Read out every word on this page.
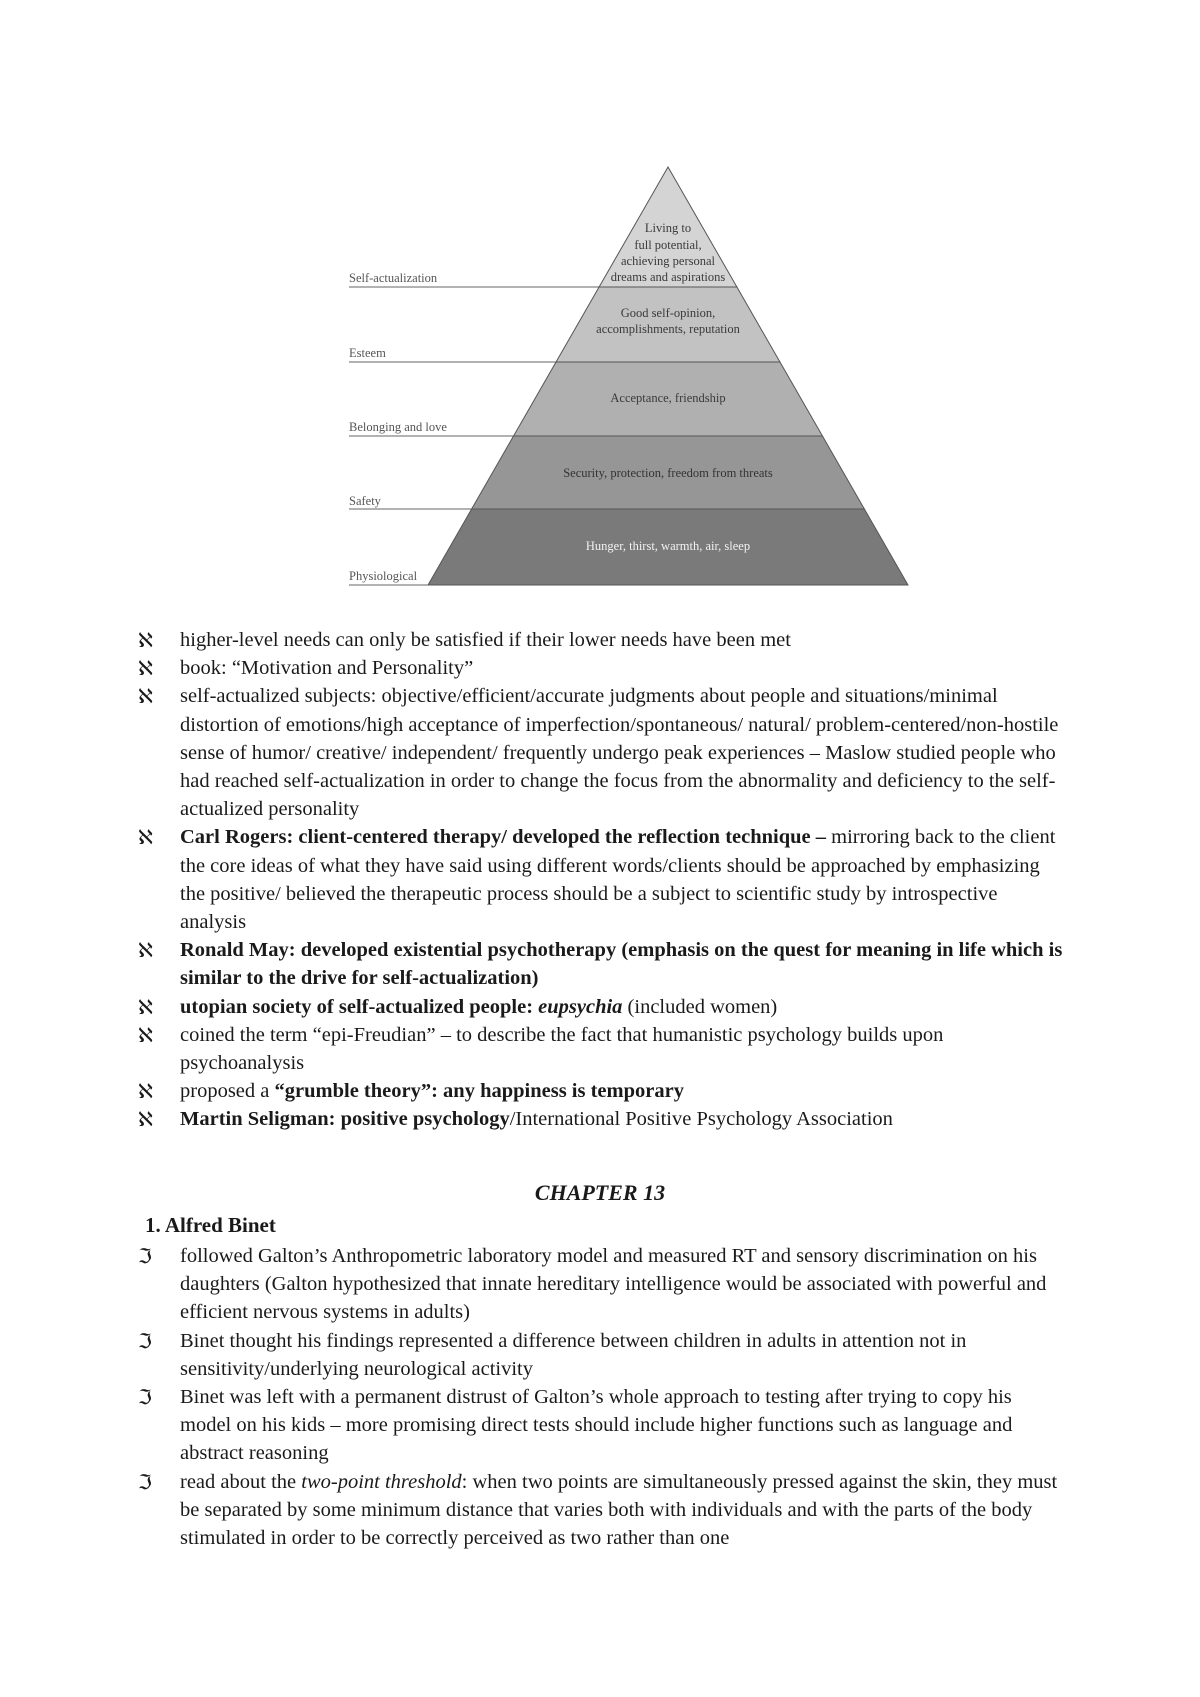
Self-actualization
Living to
full potential,
achieving personal
dreams and aspirations
Esteem
Good self-opinion,
accomplishments, reputation
Belonging and love
Acceptance, friendship
Safety
Security, protection, freedom from threats
Physiological
Hunger, thirst, warmth, air, sleep
ℵ	higher-level needs can only be satisfied if their lower needs have been met
ℵ	book: “Motivation and Personality”
ℵ	self-actualized subjects: objective/efficient/accurate judgments about people and situations/minimal distortion of emotions/high acceptance of imperfection/spontaneous/ natural/ problem-centered/non-hostile sense of humor/ creative/ independent/ frequently undergo peak experiences – Maslow studied people who had reached self-actualization in order to change the focus from the abnormality and deficiency to the self-actualized personality
ℵ	Carl Rogers: client-centered therapy/ developed the reflection technique – mirroring back to the client the core ideas of what they have said using different words/clients should be approached by emphasizing the positive/ believed the therapeutic process should be a subject to scientific study by introspective analysis
ℵ	Ronald May: developed existential psychotherapy (emphasis on the quest for meaning in life which is similar to the drive for self-actualization)
ℵ	utopian society of self-actualized people: eupsychia (included women)
ℵ	coined the term “epi-Freudian” – to describe the fact that humanistic psychology builds upon psychoanalysis
ℵ	proposed a “grumble theory”: any happiness is temporary
ℵ	Martin Seligman: positive psychology/International Positive Psychology Association
CHAPTER 13
1. Alfred Binet
ℑ	followed Galton’s Anthropometric laboratory model and measured RT and sensory discrimination on his daughters (Galton hypothesized that innate hereditary intelligence would be associated with powerful and efficient nervous systems in adults)
ℑ	Binet thought his findings represented a difference between children in adults in attention not in sensitivity/underlying neurological activity
ℑ	Binet was left with a permanent distrust of Galton’s whole approach to testing after trying to copy his model on his kids – more promising direct tests should include higher functions such as language and abstract reasoning
ℑ	read about the two-point threshold: when two points are simultaneously pressed against the skin, they must be separated by some minimum distance that varies both with individuals and with the parts of the body stimulated in order to be correctly perceived as two rather than one
